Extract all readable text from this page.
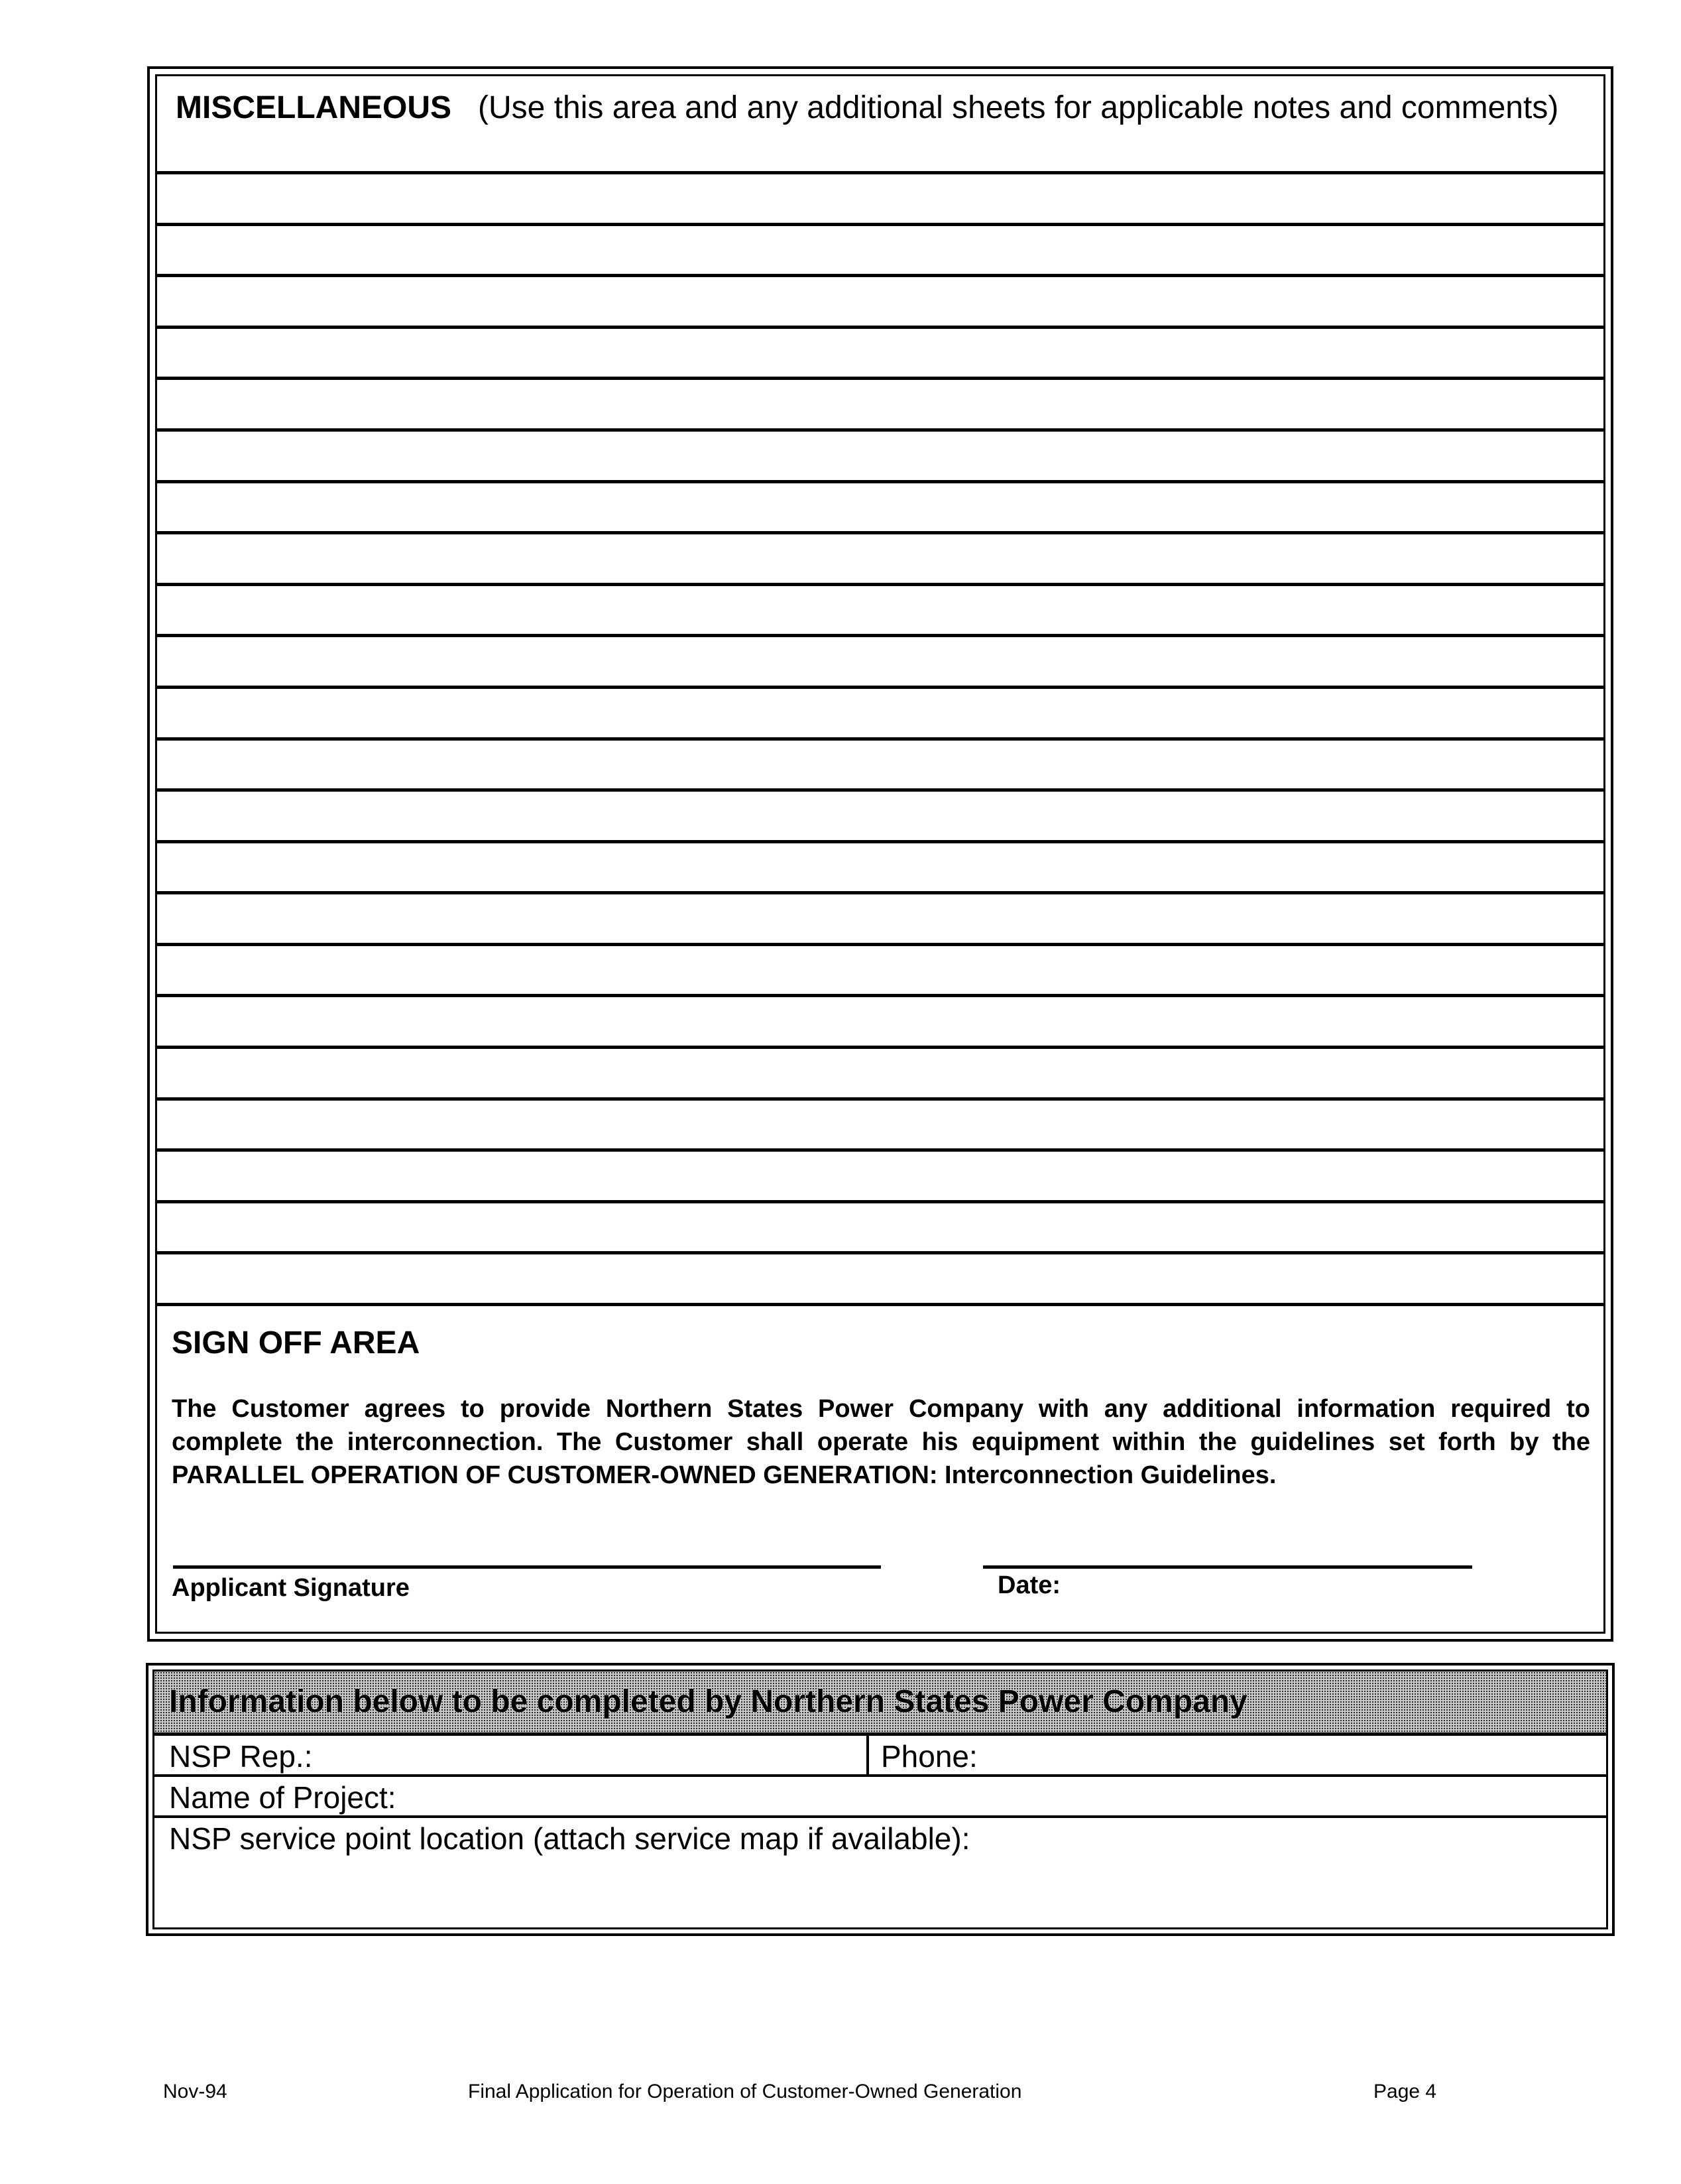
MISCELLANEOUS (Use this area and any additional sheets for applicable notes and comments)
SIGN OFF AREA
The Customer agrees to provide Northern States Power Company with any additional information required to complete the interconnection. The Customer shall operate his equipment within the guidelines set forth by the PARALLEL OPERATION OF CUSTOMER-OWNED GENERATION: Interconnection Guidelines.
Applicant Signature	Date:
Information below to be completed by Northern States Power Company
NSP Rep.:	Phone:
Name of Project:
NSP service point location (attach service map if available):
Nov-94	Final Application for Operation of Customer-Owned Generation	Page 4
